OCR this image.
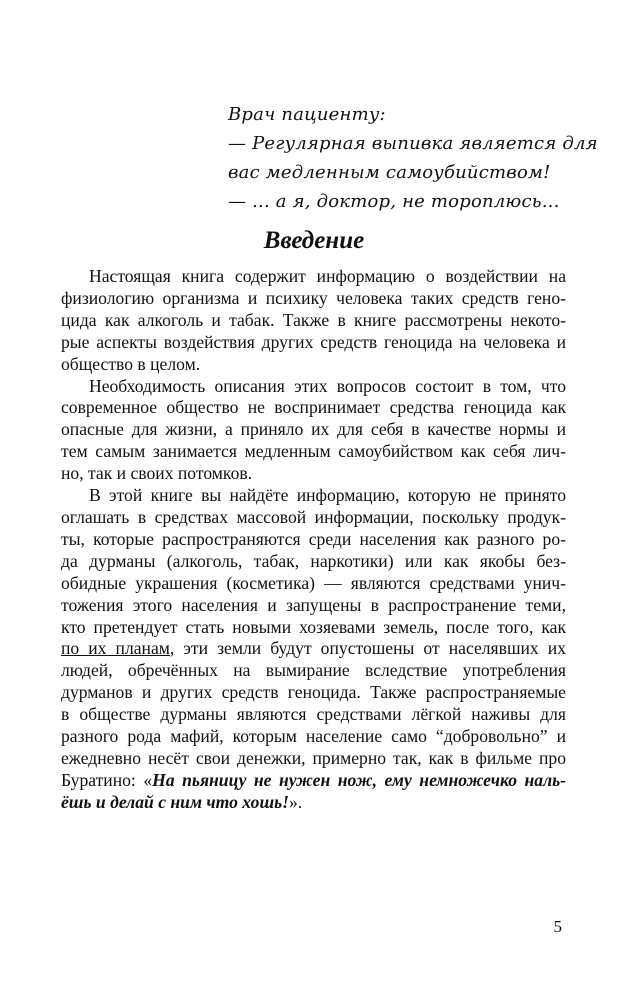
Врач пациенту:
— Регулярная выпивка является для
вас медленным самоубийством!
— ... а я, доктор, не тороплюсь...
Введение
Настоящая книга содержит информацию о воздействии на
физиологию организма и психику человека таких средств гено-
цида как алкоголь и табак. Также в книге рассмотрены некото-
рые аспекты воздействия других средств геноцида на человека и
общество в целом.
Необходимость описания этих вопросов состоит в том, что
современное общество не воспринимает средства геноцида как
опасные для жизни, а приняло их для себя в качестве нормы и
тем самым занимается медленным самоубийством как себя лич-
но, так и своих потомков.
В этой книге вы найдёте информацию, которую не принято
оглашать в средствах массовой информации, поскольку продук-
ты, которые распространяются среди населения как разного ро-
да дурманы (алкоголь, табак, наркотики) или как якобы без-
обидные украшения (косметика) — являются средствами унич-
тожения этого населения и запущены в распространение теми,
кто претендует стать новыми хозяевами земель, после того, как
по их планам, эти земли будут опустошены от населявших их
людей, обречённых на вымирание вследствие употребления
дурманов и других средств геноцида. Также распространяемые
в обществе дурманы являются средствами лёгкой наживы для
разного рода мафий, которым население само “добровольно” и
ежедневно несёт свои денежки, примерно так, как в фильме про
Буратино: «На пьяницу не нужен нож, ему немножечко наль-
ёшь и делай с ним что хошь!».
5
